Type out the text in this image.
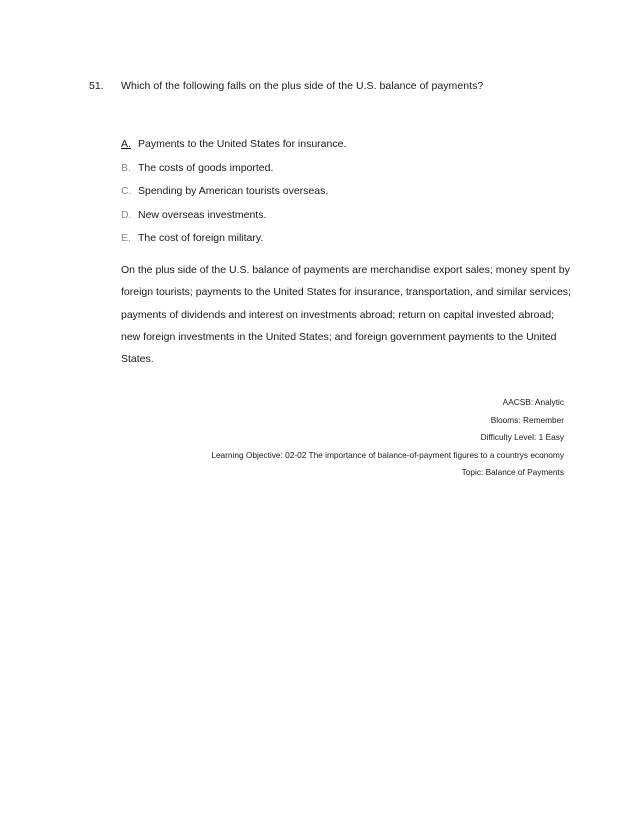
51. Which of the following falls on the plus side of the U.S. balance of payments?
A. Payments to the United States for insurance.
B. The costs of goods imported.
C. Spending by American tourists overseas.
D. New overseas investments.
E. The cost of foreign military.
On the plus side of the U.S. balance of payments are merchandise export sales; money spent by
foreign tourists; payments to the United States for insurance, transportation, and similar services;
payments of dividends and interest on investments abroad; return on capital invested abroad;
new foreign investments in the United States; and foreign government payments to the United
States.
AACSB: Analytic
Blooms: Remember
Difficulty Level: 1 Easy
Learning Objective: 02-02 The importance of balance-of-payment figures to a countrys economy
Topic: Balance of Payments
